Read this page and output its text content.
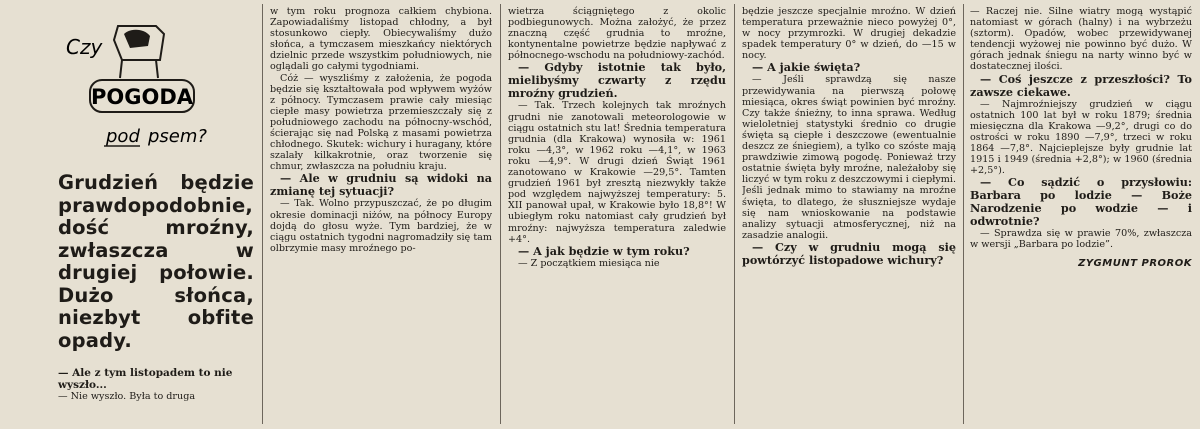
Czy
POGODA
pod psem?
Grudzień będzie prawdopodobnie, dość mroźny, zwłaszcza w drugiej połowie. Dużo słońca, niezbyt obfite opady.

— Ale z tym listopadem to nie wyszło...

— Nie wyszło. Była to druga

w tym roku prognoza całkiem chybiona. Zapowiadaliśmy listopad chłodny, a był stosunkowo ciepły. Obiecywaliśmy dużo słońca, a tymczasem mieszkańcy niektórych dzielnic przede wszystkim południowych, nie oglądali go całymi tygodniami.

Cóż — wyszliśmy z założenia, że pogoda będzie się kształtowała pod wpływem wyżów z północy. Tymczasem prawie cały miesiąc ciepłe masy powietrza przemieszczały się z południowego zachodu na północny-wschód, ścierając się nad Polską z masami powietrza chłodnego. Skutek: wichury i huragany, które szalały kilkakrotnie, oraz tworzenie się chmur, zwłaszcza na południu kraju.

— Ale w grudniu są widoki na zmianę tej sytuacji?

— Tak. Wolno przypuszczać, że po długim okresie dominacji niżów, na północy Europy dojdą do głosu wyże. Tym bardziej, że w ciągu ostatnich tygodni nagromadziły się tam olbrzymie masy mroźnego po-

wietrza ściągniętego z okolic podbiegunowych. Można założyć, że przez znaczną część grudnia to mroźne, kontynentalne powietrze będzie napływać z północnego-wschodu na południowy-zachód.

— Gdyby istotnie tak było, mielibyśmy czwarty z rzędu mroźny grudzień.

— Tak. Trzech kolejnych tak mroźnych grudni nie zanotowali meteorologowie w ciągu ostatnich stu lat! Średnia temperatura grudnia (dla Krakowa) wynosiła w: 1961 roku —4,3°, w 1962 roku —4,1°, w 1963 roku —4,9°. W drugi dzień Świąt 1961 zanotowano w Krakowie —29,5°. Tamten grudzień 1961 był zresztą niezwykły także pod względem najwyższej temperatury: 5. XII panował upał, w Krakowie było 18,8°! W ubiegłym roku natomiast cały grudzień był mroźny: najwyższa temperatura zaledwie +4°.

— A jak będzie w tym roku?

— Z początkiem miesiąca nie

będzie jeszcze specjalnie mroźno. W dzień temperatura przeważnie nieco powyżej 0°, w nocy przymrozki. W drugiej dekadzie spadek temperatury 0° w dzień, do —15 w nocy.

— A jakie święta?

— Jeśli sprawdzą się nasze przewidywania na pierwszą połowę miesiąca, okres świąt powinien być mroźny. Czy także śnieżny, to inna sprawa. Według wieloletniej statystyki średnio co drugie święta są ciepłe i deszczowe (ewentualnie deszcz ze śniegiem), a tylko co szóste mają prawdziwie zimową pogodę. Ponieważ trzy ostatnie święta były mroźne, należałoby się liczyć w tym roku z deszczowymi i ciepłymi. Jeśli jednak mimo to stawiamy na mroźne święta, to dlatego, że słuszniejsze wydaje się nam wnioskowanie na podstawie analizy sytuacji atmosferycznej, niż na zasadzie analogii.

— Czy w grudniu mogą się powtórzyć listopadowe wichury?

— Raczej nie. Silne wiatry mogą wystąpić natomiast w górach (halny) i na wybrzeżu (sztorm). Opadów, wobec przewidywanej tendencji wyżowej nie powinno być dużo. W górach jednak śniegu na narty winno być w dostatecznej ilości.

— Coś jeszcze z przeszłości? To zawsze ciekawe.

— Najmroźniejszy grudzień w ciągu ostatnich 100 lat był w roku 1879; średnia miesięczna dla Krakowa —9,2°, drugi co do ostrości w roku 1890 —7,9°, trzeci w roku 1864 —7,8°. Najcieplejsze były grudnie lat 1915 i 1949 (średnia +2,8°); w 1960 (średnia +2,5°).

— Co sądzić o przysłowiu: Barbara po lodzie — Boże Narodzenie po wodzie — i odwrotnie?

— Sprawdza się w prawie 70%, zwłaszcza w wersji „Barbara po lodzie”.

ZYGMUNT PROROK
